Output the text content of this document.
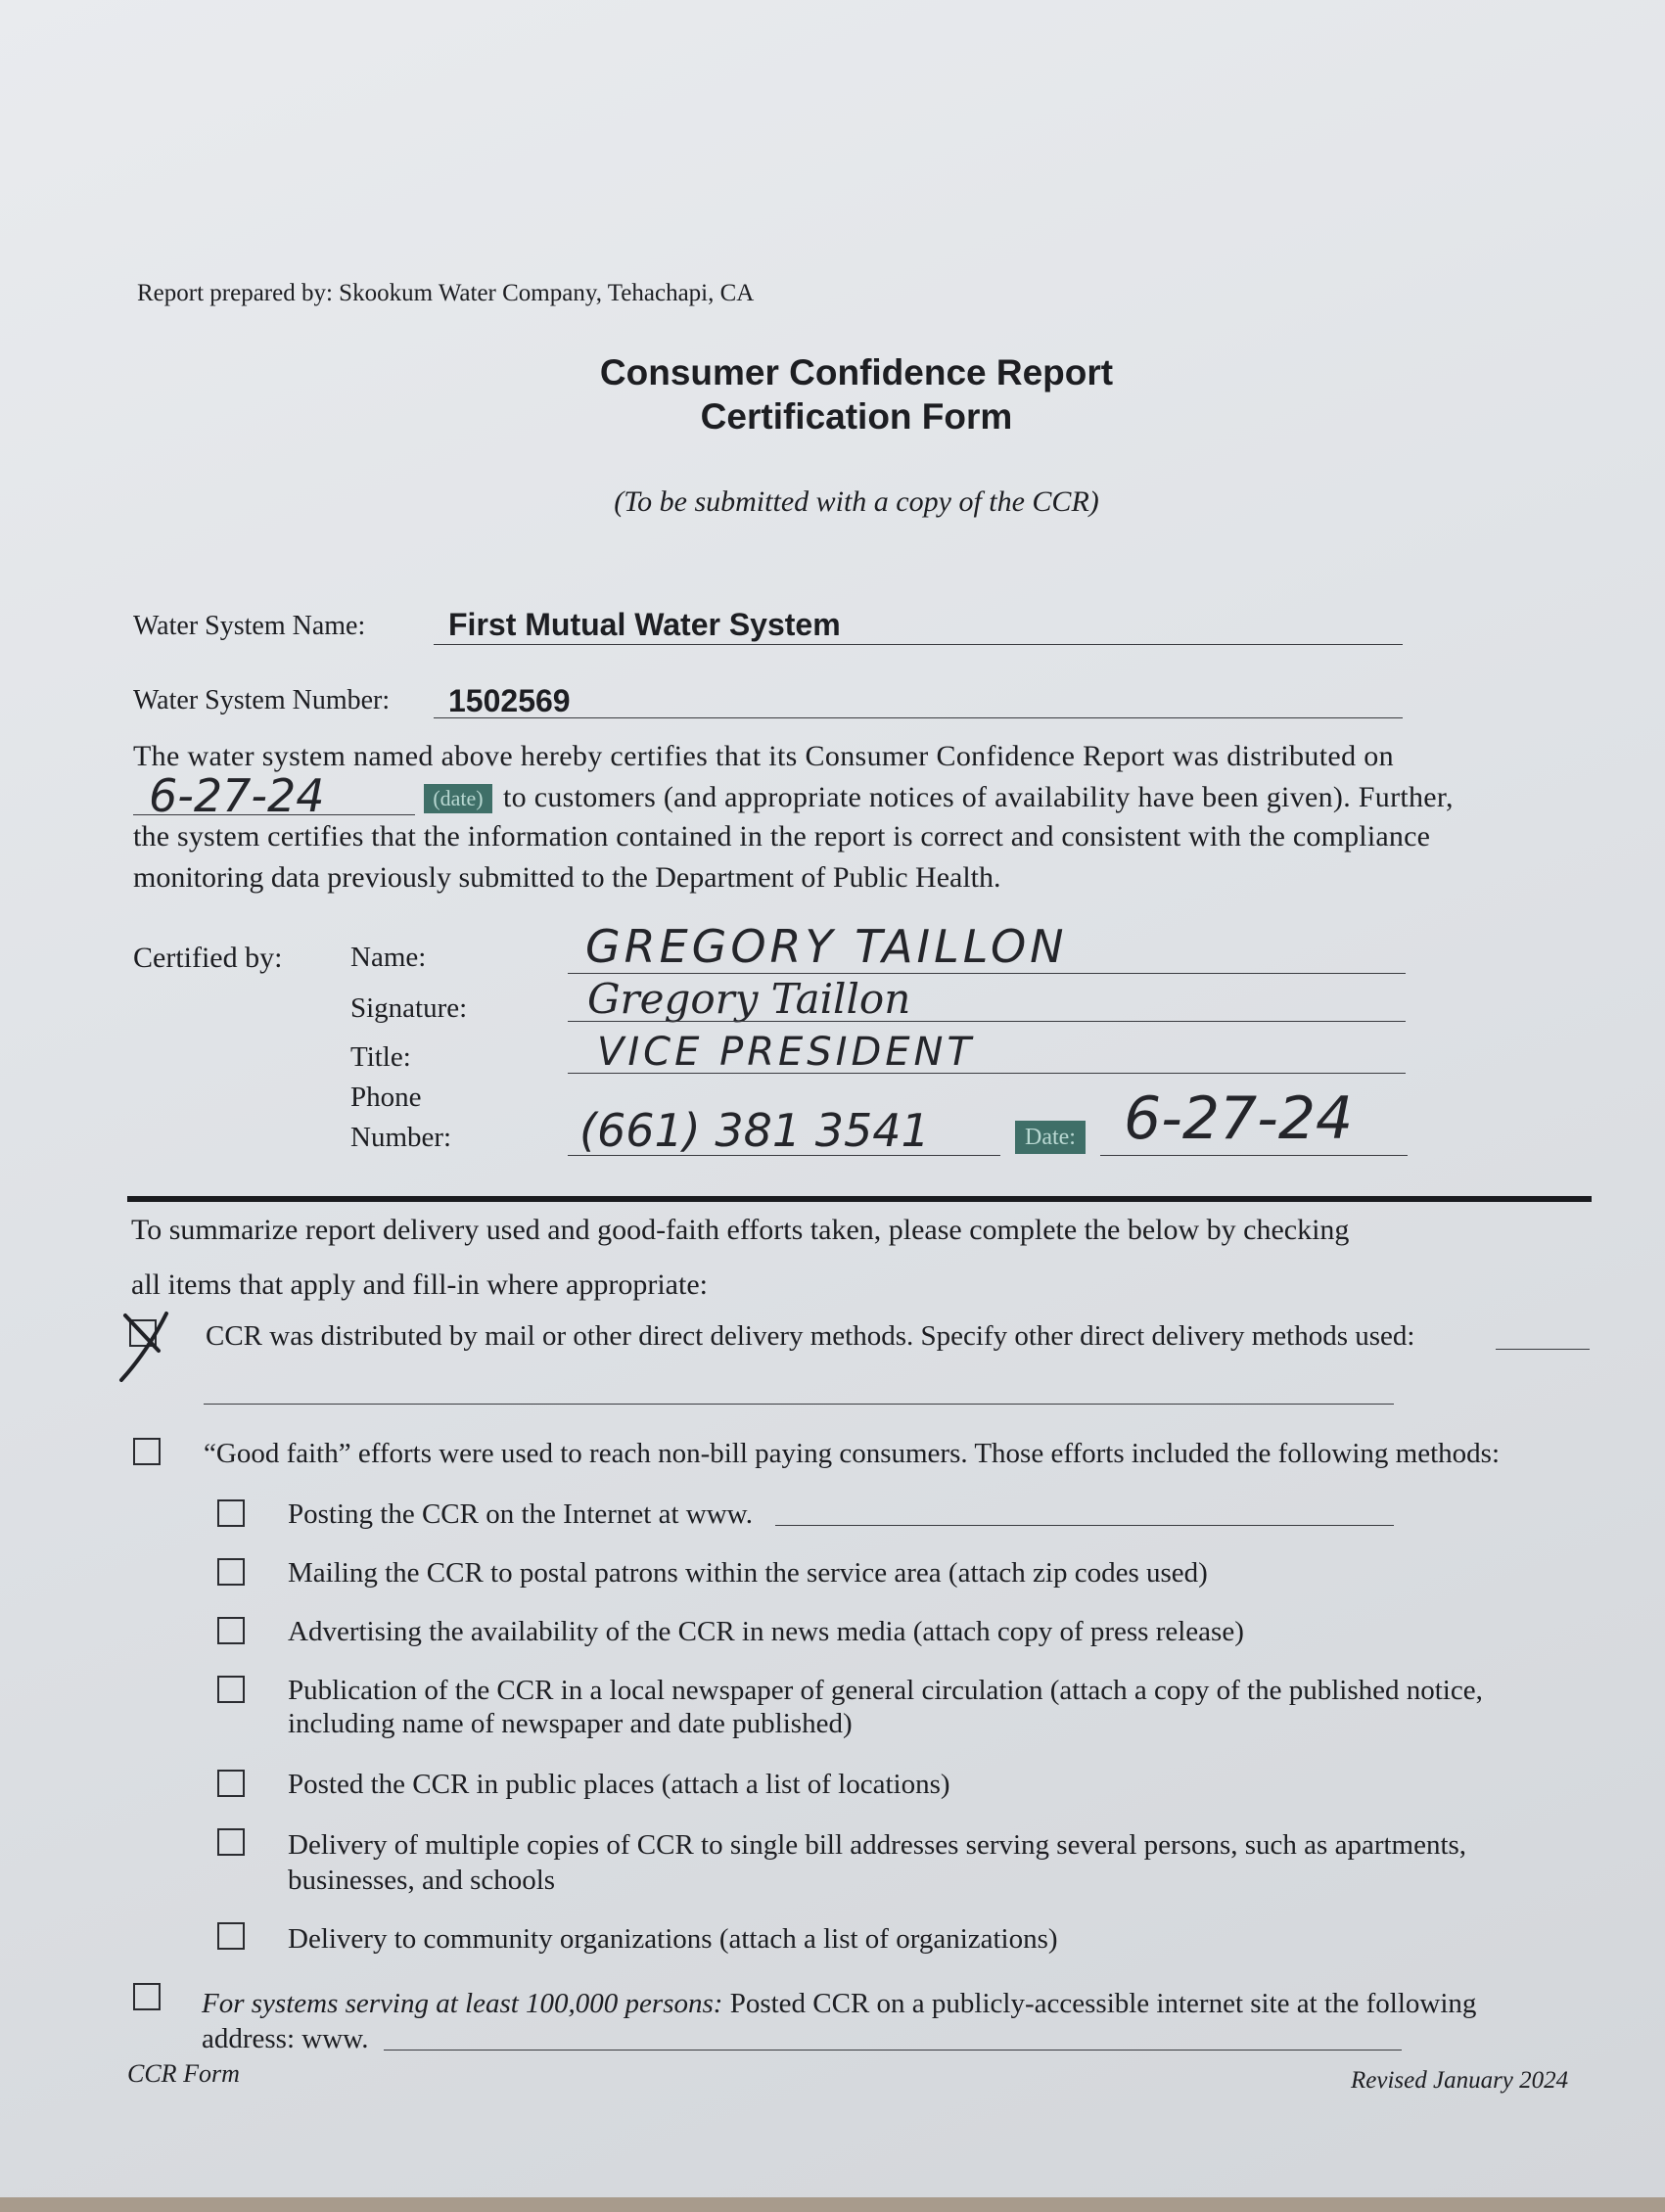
Report prepared by: Skookum Water Company, Tehachapi, CA
Consumer Confidence Report
Certification Form
(To be submitted with a copy of the CCR)
Water System Name:	First Mutual Water System
Water System Number: 1502569
The water system named above hereby certifies that its Consumer Confidence Report was distributed on
6-27-24	(date) to customers (and appropriate notices of availability have been given). Further,
the system certifies that the information contained in the report is correct and consistent with the compliance
monitoring data previously submitted to the Department of Public Health.
Certified by: Name:	GREGORY TAILLON
Signature:	Gregory Taillon
Title:	VICE PRESIDENT
Phone
Number:	(661) 381 3541	Date: 6-27-24
To summarize report delivery used and good-faith efforts taken, please complete the below by checking
all items that apply and fill-in where appropriate:
CCR was distributed by mail or other direct delivery methods. Specify other direct delivery methods used:
“Good faith” efforts were used to reach non-bill paying consumers. Those efforts included the following methods:
Posting the CCR on the Internet at www.
Mailing the CCR to postal patrons within the service area (attach zip codes used)
Advertising the availability of the CCR in news media (attach copy of press release)
Publication of the CCR in a local newspaper of general circulation (attach a copy of the published notice,
including name of newspaper and date published)
Posted the CCR in public places (attach a list of locations)
Delivery of multiple copies of CCR to single bill addresses serving several persons, such as apartments,
businesses, and schools
Delivery to community organizations (attach a list of organizations)
For systems serving at least 100,000 persons: Posted CCR on a publicly-accessible internet site at the following
address: www.
CCR Form	Revised January 2024
